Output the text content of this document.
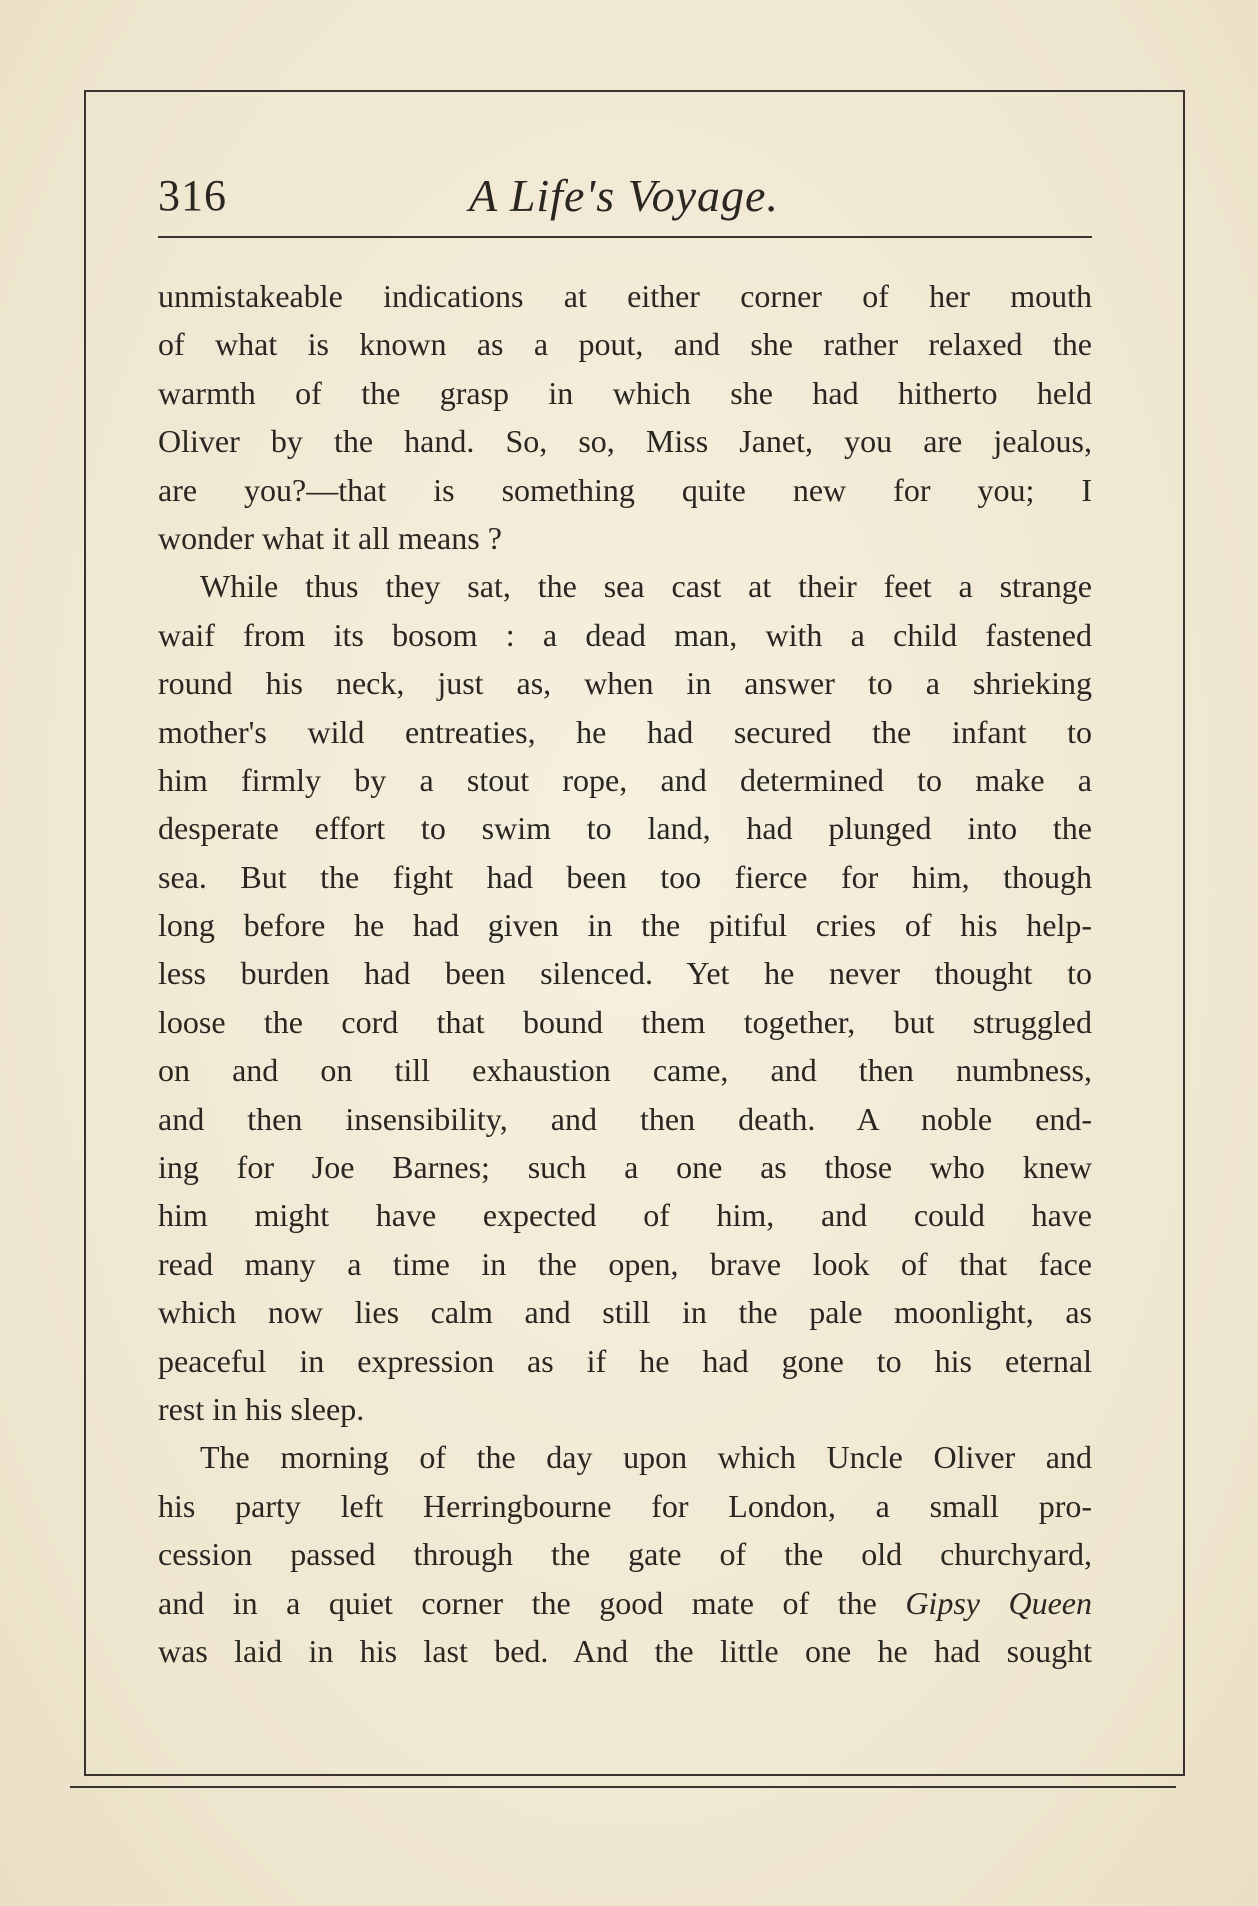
316	A Life's Voyage.
unmistakeable indications at either corner of her mouth
of what is known as a pout, and she rather relaxed the
warmth of the grasp in which she had hitherto held
Oliver by the hand. So, so, Miss Janet, you are jealous,
are you?—that is something quite new for you; I
wonder what it all means ?
While thus they sat, the sea cast at their feet a strange
waif from its bosom : a dead man, with a child fastened
round his neck, just as, when in answer to a shrieking
mother's wild entreaties, he had secured the infant to
him firmly by a stout rope, and determined to make a
desperate effort to swim to land, had plunged into the
sea. But the fight had been too fierce for him, though
long before he had given in the pitiful cries of his help-
less burden had been silenced. Yet he never thought to
loose the cord that bound them together, but struggled
on and on till exhaustion came, and then numbness,
and then insensibility, and then death. A noble end-
ing for Joe Barnes; such a one as those who knew
him might have expected of him, and could have
read many a time in the open, brave look of that face
which now lies calm and still in the pale moonlight, as
peaceful in expression as if he had gone to his eternal
rest in his sleep.
The morning of the day upon which Uncle Oliver and
his party left Herringbourne for London, a small pro-
cession passed through the gate of the old churchyard,
and in a quiet corner the good mate of the Gipsy Queen
was laid in his last bed. And the little one he had sought
